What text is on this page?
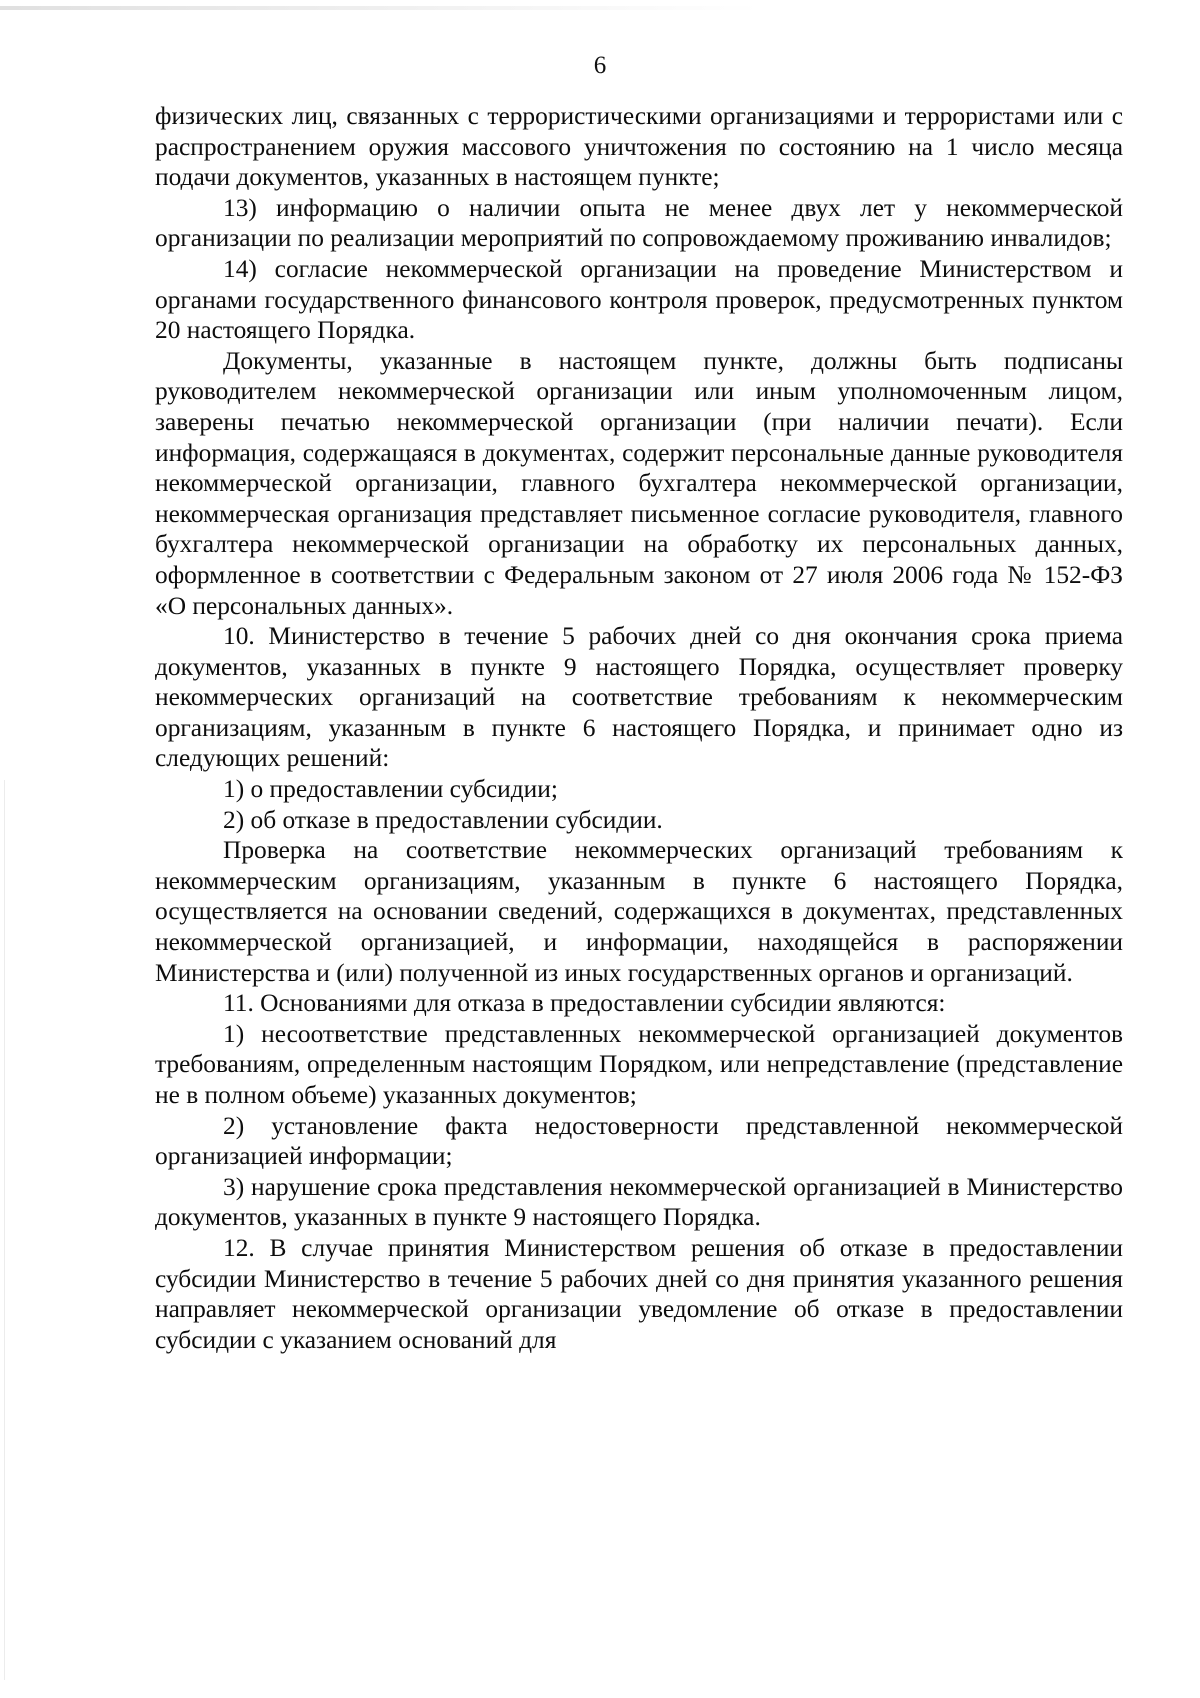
6

физических лиц, связанных с террористическими организациями и террористами или с распространением оружия массового уничтожения по состоянию на 1 число месяца подачи документов, указанных в настоящем пункте;

13) информацию о наличии опыта не менее двух лет у некоммерческой организации по реализации мероприятий по сопровождаемому проживанию инвалидов;

14) согласие некоммерческой организации на проведение Министерством и органами государственного финансового контроля проверок, предусмотренных пунктом 20 настоящего Порядка.

Документы, указанные в настоящем пункте, должны быть подписаны руководителем некоммерческой организации или иным уполномоченным лицом, заверены печатью некоммерческой организации (при наличии печати). Если информация, содержащаяся в документах, содержит персональные данные руководителя некоммерческой организации, главного бухгалтера некоммерческой организации, некоммерческая организация представляет письменное согласие руководителя, главного бухгалтера некоммерческой организации на обработку их персональных данных, оформленное в соответствии с Федеральным законом от 27 июля 2006 года № 152-ФЗ «О персональных данных».

10. Министерство в течение 5 рабочих дней со дня окончания срока приема документов, указанных в пункте 9 настоящего Порядка, осуществляет проверку некоммерческих организаций на соответствие требованиям к некоммерческим организациям, указанным в пункте 6 настоящего Порядка, и принимает одно из следующих решений:

1) о предоставлении субсидии;

2) об отказе в предоставлении субсидии.

Проверка на соответствие некоммерческих организаций требованиям к некоммерческим организациям, указанным в пункте 6 настоящего Порядка, осуществляется на основании сведений, содержащихся в документах, представленных некоммерческой организацией, и информации, находящейся в распоряжении Министерства и (или) полученной из иных государственных органов и организаций.

11. Основаниями для отказа в предоставлении субсидии являются:

1) несоответствие представленных некоммерческой организацией документов требованиям, определенным настоящим Порядком, или непредставление (представление не в полном объеме) указанных документов;

2) установление факта недостоверности представленной некоммерческой организацией информации;

3) нарушение срока представления некоммерческой организацией в Министерство документов, указанных в пункте 9 настоящего Порядка.

12. В случае принятия Министерством решения об отказе в предоставлении субсидии Министерство в течение 5 рабочих дней со дня принятия указанного решения направляет некоммерческой организации уведомление об отказе в предоставлении субсидии с указанием оснований для
